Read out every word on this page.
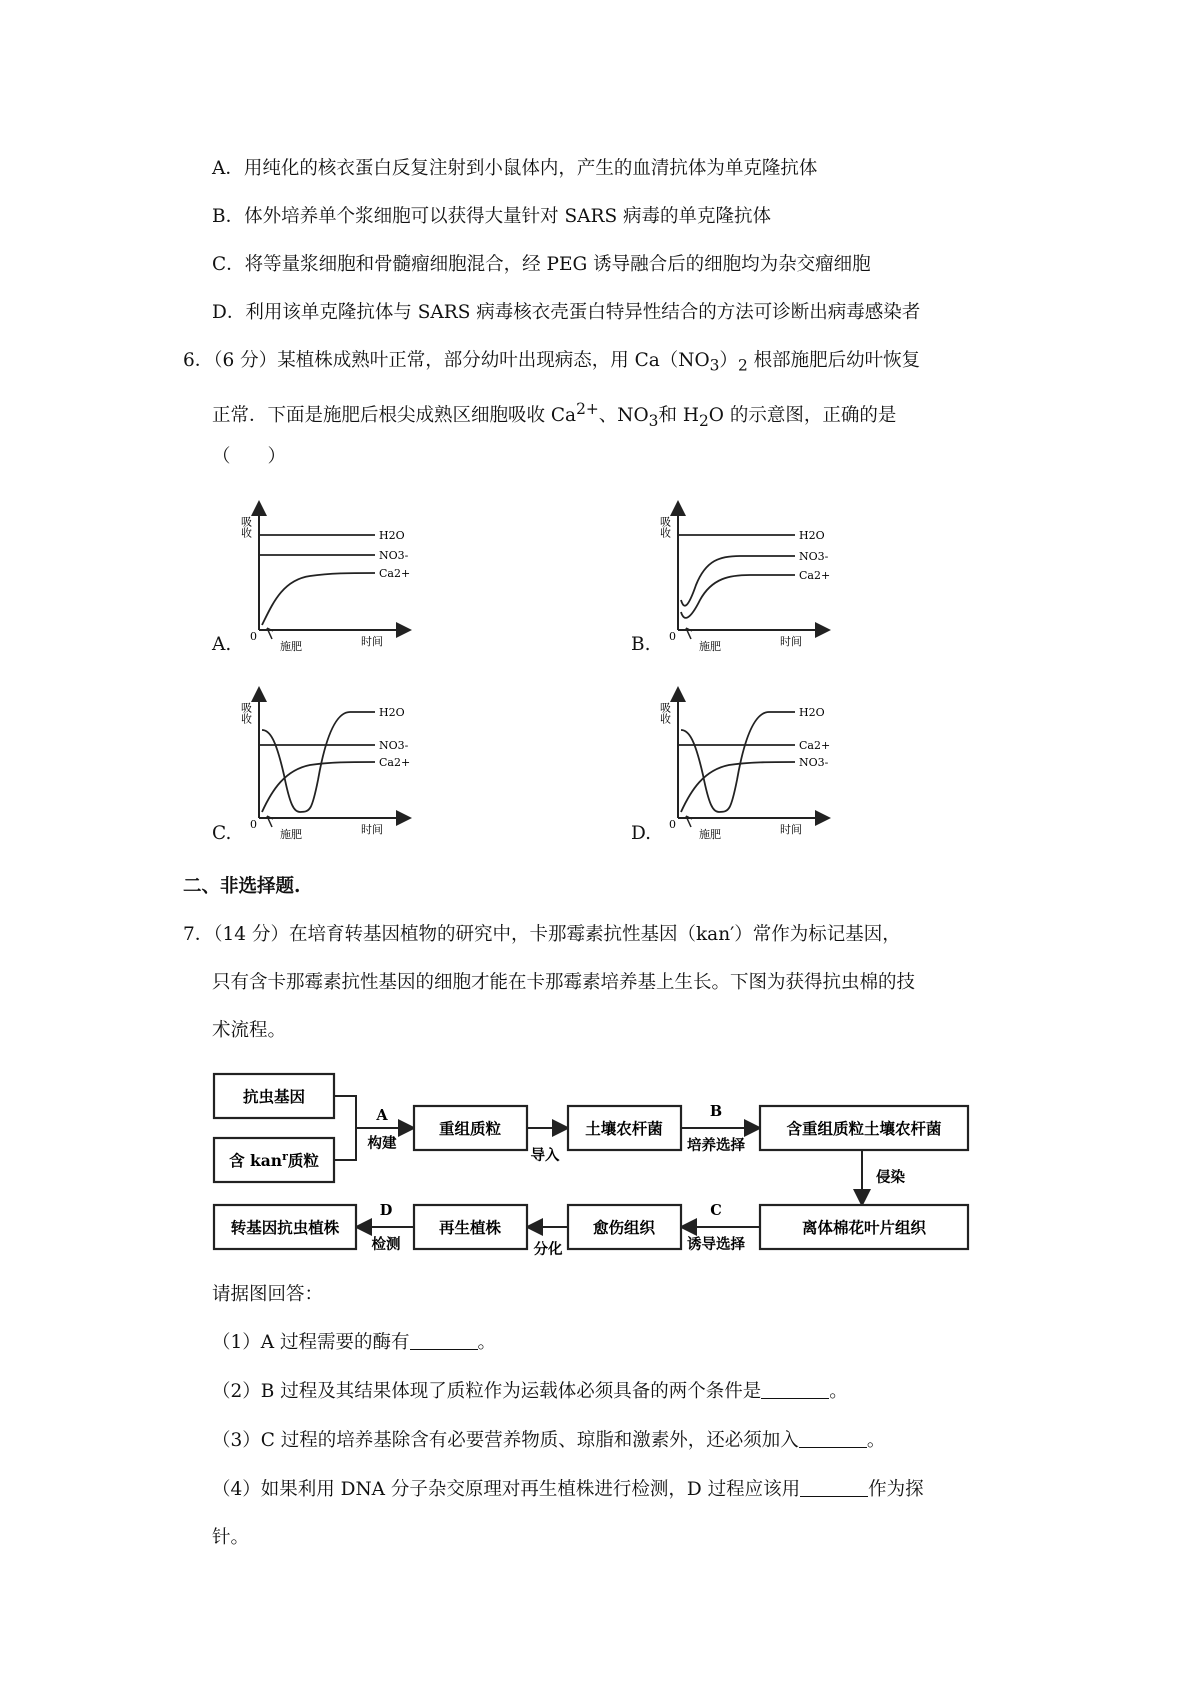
A．用纯化的核衣蛋白反复注射到小鼠体内，产生的血清抗体为单克隆抗体
B．体外培养单个浆细胞可以获得大量针对 SARS 病毒的单克隆抗体
C．将等量浆细胞和骨髓瘤细胞混合，经 PEG 诱导融合后的细胞均为杂交瘤细胞
D．利用该单克隆抗体与 SARS 病毒核衣壳蛋白特异性结合的方法可诊断出病毒感染者
6．（6 分）某植株成熟叶正常，部分幼叶出现病态，用 $Ca(NO_3)_2$ 根部施肥后幼叶恢复
正常．下面是施肥后根尖成熟区细胞吸收 $Ca^{2+}$、$NO_3$和 $H_2O$ 的示意图，正确的是
（　　）
A.	B.
C.	D.
吸收
时间
0
施肥
H2O
NO3-
Ca2+
吸收
时间
0
施肥
H2O
NO3-
Ca2+
吸收
时间
0
施肥
H2O
NO3-
Ca2+
吸收
时间
0
施肥
H2O
Ca2+
NO3-
二、非选择题.
7．（14 分）在培育转基因植物的研究中，卡那霉素抗性基因（kan′）常作为标记基因，
只有含卡那霉素抗性基因的细胞才能在卡那霉素培养基上生长。下图为获得抗虫棉的技
术流程。
抗虫基因
含 kan$^r$质粒
A
构建
重组质粒
导入
土壤农杆菌
B
培养选择
含重组质粒土壤农杆菌
侵染
离体棉花叶片组织
C
诱导选择
愈伤组织
分化
再生植株
D
检测
转基因抗虫植株
请据图回答：
（1）A 过程需要的酶有	。
（2）B 过程及其结果体现了质粒作为运载体必须具备的两个条件是	。
（3）C 过程的培养基除含有必要营养物质、琼脂和激素外，还必须加入	。
（4）如果利用 DNA 分子杂交原理对再生植株进行检测，D 过程应该用	作为探
针。
